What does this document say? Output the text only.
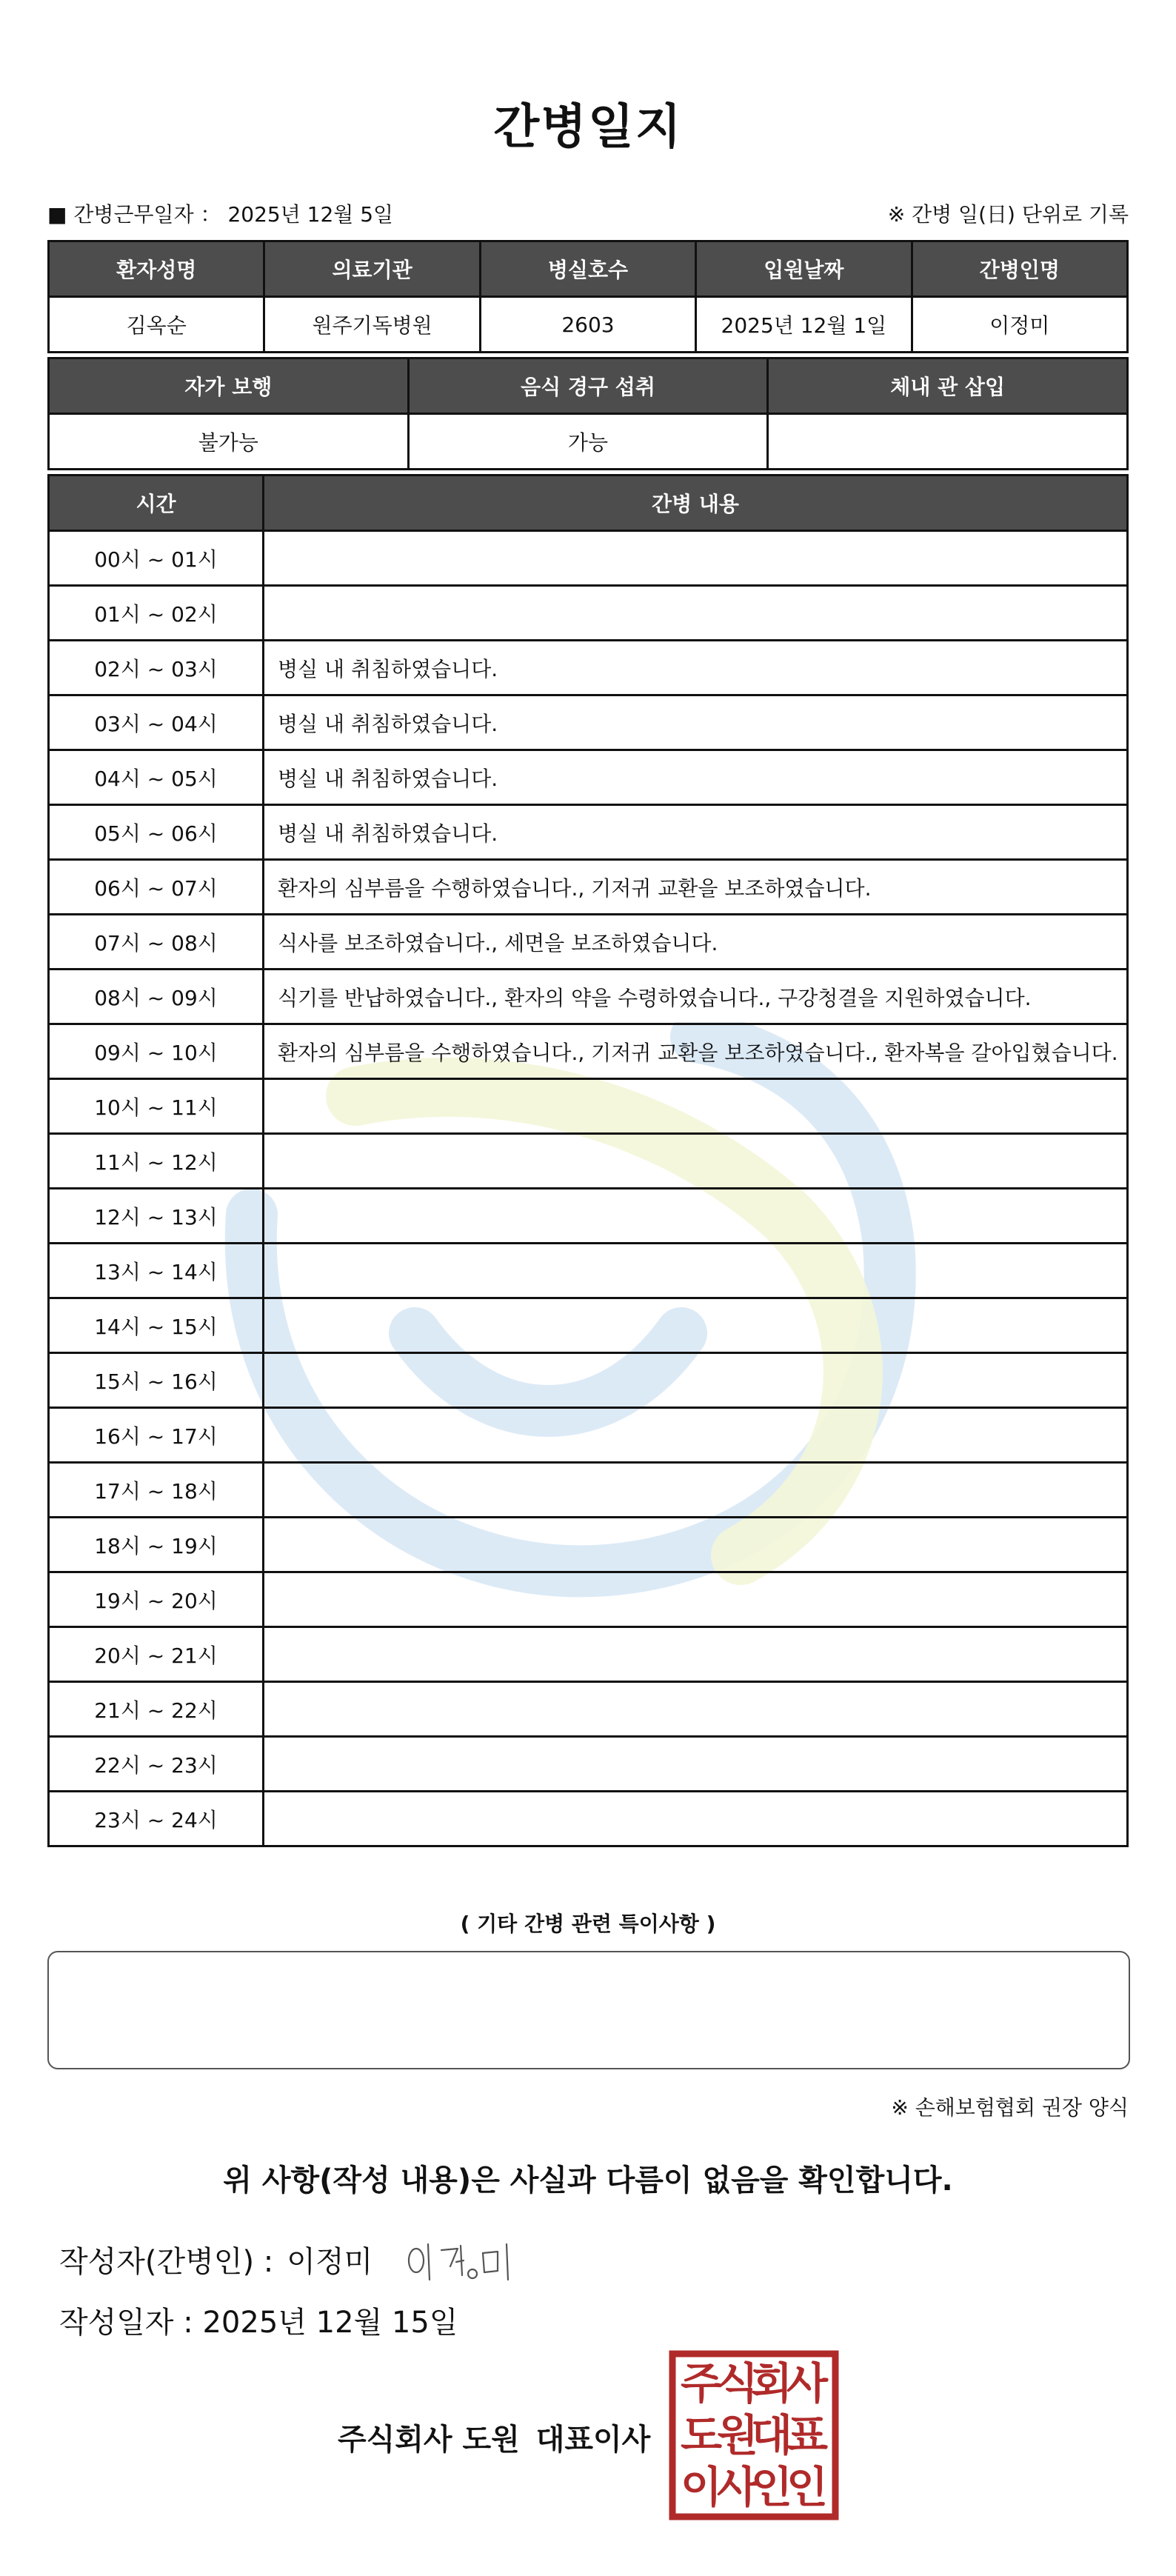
간병일지
■ 간병근무일자 ： 2025년 12월 5일	※ 간병 일(日) 단위로 기록
환자성명	의료기관	병실호수	입원날짜	간병인명
김옥순	원주기독병원	2603	2025년 12월 1일	이정미
자가 보행	음식 경구 섭취	체내 관 삽입
불가능	가능	
시간	간병 내용
00시 ~ 01시	
01시 ~ 02시	
02시 ~ 03시	병실 내 취침하였습니다.
03시 ~ 04시	병실 내 취침하였습니다.
04시 ~ 05시	병실 내 취침하였습니다.
05시 ~ 06시	병실 내 취침하였습니다.
06시 ~ 07시	환자의 심부름을 수행하였습니다., 기저귀 교환을 보조하였습니다.
07시 ~ 08시	식사를 보조하였습니다., 세면을 보조하였습니다.
08시 ~ 09시	식기를 반납하였습니다., 환자의 약을 수령하였습니다., 구강청결을 지원하였습니다.
09시 ~ 10시	환자의 심부름을 수행하였습니다., 기저귀 교환을 보조하였습니다., 환자복을 갈아입혔습니다.
10시 ~ 11시	
11시 ~ 12시	
12시 ~ 13시	
13시 ~ 14시	
14시 ~ 15시	
15시 ~ 16시	
16시 ~ 17시	
17시 ~ 18시	
18시 ~ 19시	
19시 ~ 20시	
20시 ~ 21시	
21시 ~ 22시	
22시 ~ 23시	
23시 ~ 24시	
( 기타 간병 관련 특이사항 )
※ 손해보험협회 권장 양식
위 사항(작성 내용)은 사실과 다름이 없음을 확인합니다.
작성자(간병인) : 이정미
작성일자 : 2025년 12월 15일
주식회사 도원 대표이사
주
식
회
사
도
원
대
표
이
사
인
인
